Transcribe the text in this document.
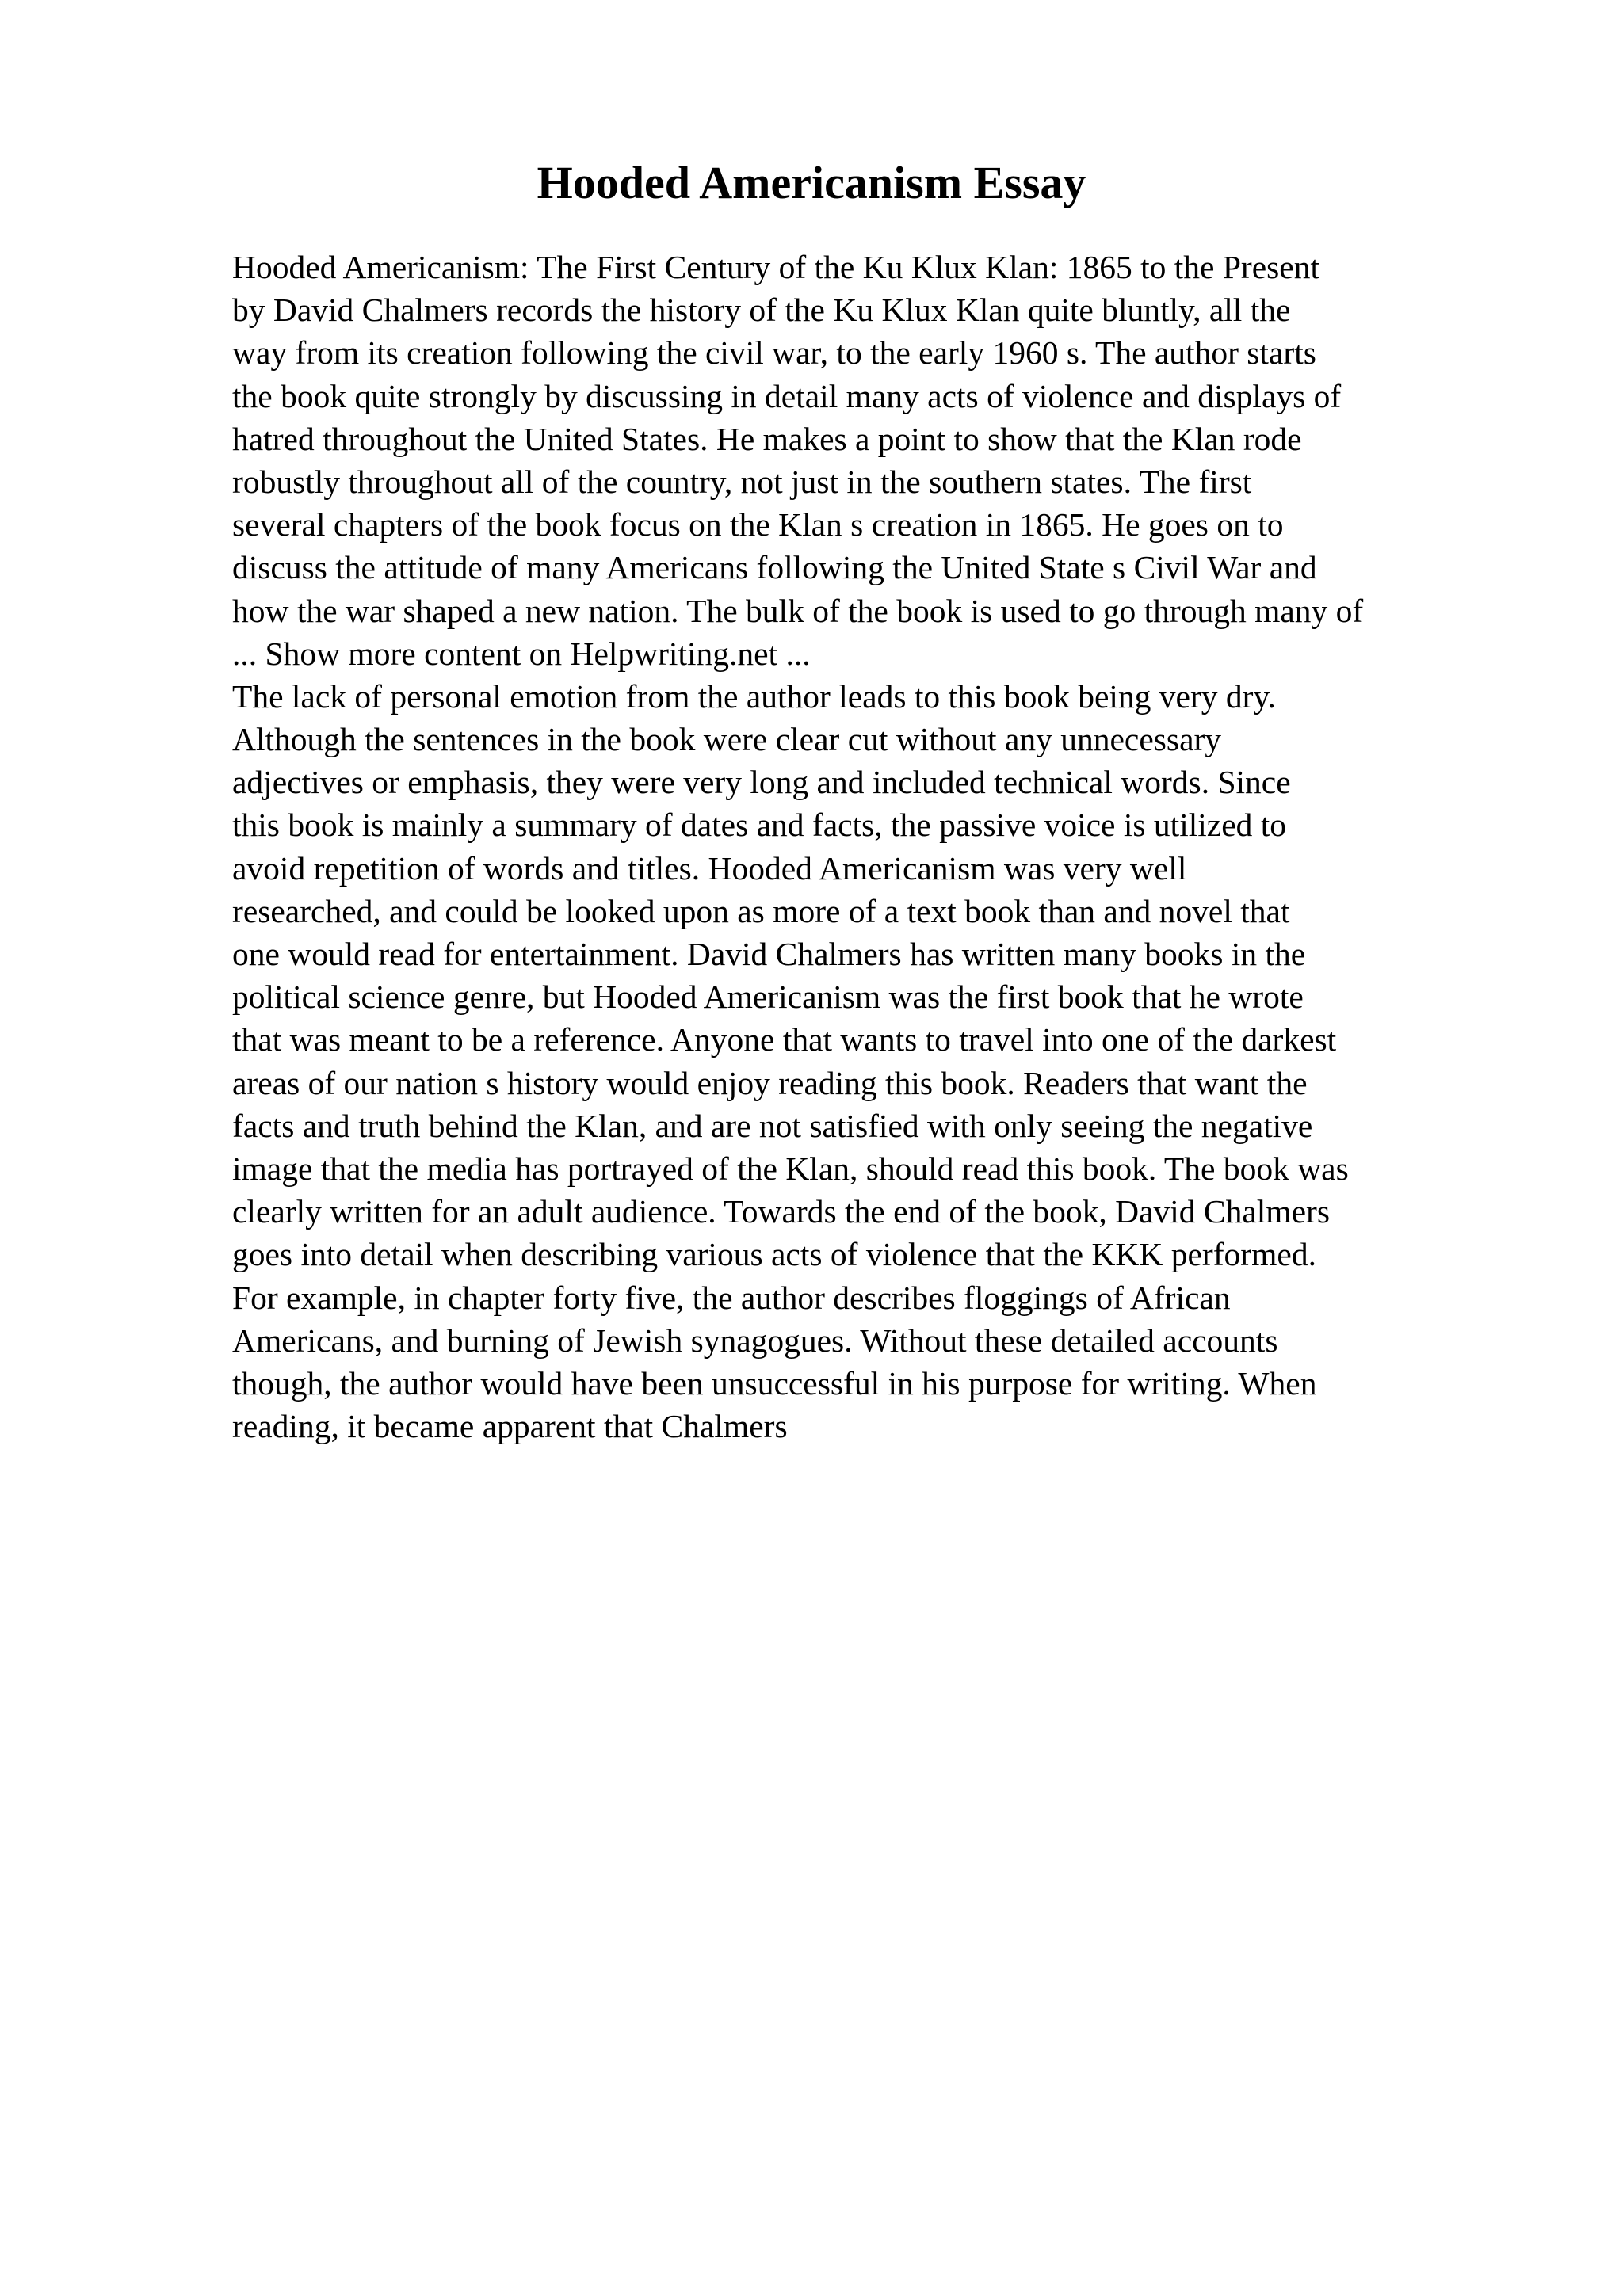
Hooded Americanism Essay
Hooded Americanism: The First Century of the Ku Klux Klan: 1865 to the Present
by David Chalmers records the history of the Ku Klux Klan quite bluntly, all the
way from its creation following the civil war, to the early 1960 s. The author starts
the book quite strongly by discussing in detail many acts of violence and displays of
hatred throughout the United States. He makes a point to show that the Klan rode
robustly throughout all of the country, not just in the southern states. The first
several chapters of the book focus on the Klan s creation in 1865. He goes on to
discuss the attitude of many Americans following the United State s Civil War and
how the war shaped a new nation. The bulk of the book is used to go through many of
... Show more content on Helpwriting.net ...
The lack of personal emotion from the author leads to this book being very dry.
Although the sentences in the book were clear cut without any unnecessary
adjectives or emphasis, they were very long and included technical words. Since
this book is mainly a summary of dates and facts, the passive voice is utilized to
avoid repetition of words and titles. Hooded Americanism was very well
researched, and could be looked upon as more of a text book than and novel that
one would read for entertainment. David Chalmers has written many books in the
political science genre, but Hooded Americanism was the first book that he wrote
that was meant to be a reference. Anyone that wants to travel into one of the darkest
areas of our nation s history would enjoy reading this book. Readers that want the
facts and truth behind the Klan, and are not satisfied with only seeing the negative
image that the media has portrayed of the Klan, should read this book. The book was
clearly written for an adult audience. Towards the end of the book, David Chalmers
goes into detail when describing various acts of violence that the KKK performed.
For example, in chapter forty five, the author describes floggings of African
Americans, and burning of Jewish synagogues. Without these detailed accounts
though, the author would have been unsuccessful in his purpose for writing. When
reading, it became apparent that Chalmers
